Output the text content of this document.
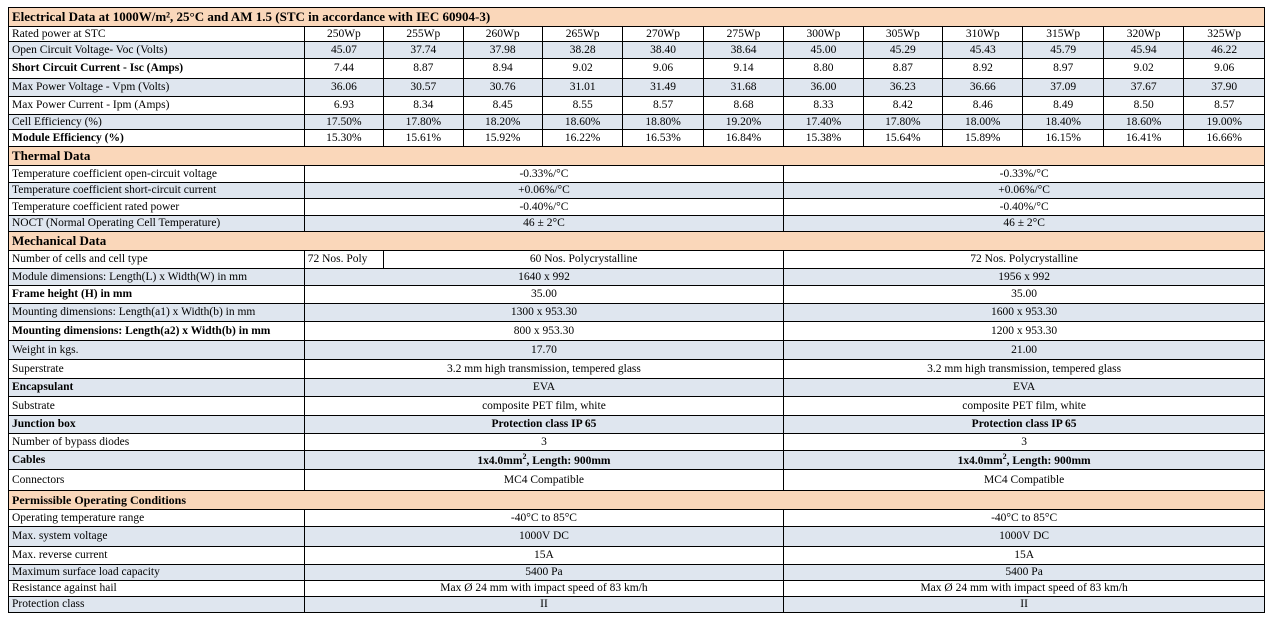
Electrical Data at 1000W/m², 25°C and AM 1.5 (STC in accordance with IEC 60904-3)												
Rated power at STC	250Wp	255Wp	260Wp	265Wp	270Wp	275Wp	300Wp	305Wp	310Wp	315Wp	320Wp	325Wp
Open Circuit Voltage- Voc (Volts)	45.07	37.74	37.98	38.28	38.40	38.64	45.00	45.29	45.43	45.79	45.94	46.22
Short Circuit Current - Isc (Amps)	7.44	8.87	8.94	9.02	9.06	9.14	8.80	8.87	8.92	8.97	9.02	9.06
Max Power Voltage - Vpm (Volts)	36.06	30.57	30.76	31.01	31.49	31.68	36.00	36.23	36.66	37.09	37.67	37.90
Max Power Current - Ipm (Amps)	6.93	8.34	8.45	8.55	8.57	8.68	8.33	8.42	8.46	8.49	8.50	8.57
Cell Efficiency (%)	17.50%	17.80%	18.20%	18.60%	18.80%	19.20%	17.40%	17.80%	18.00%	18.40%	18.60%	19.00%
Module Efficiency (%)	15.30%	15.61%	15.92%	16.22%	16.53%	16.84%	15.38%	15.64%	15.89%	16.15%	16.41%	16.66%
Thermal Data												
Temperature coefficient open-circuit voltage	-0.33%/°C						-0.33%/°C					
Temperature coefficient short-circuit current	+0.06%/°C						+0.06%/°C					
Temperature coefficient rated power	-0.40%/°C						-0.40%/°C					
NOCT (Normal Operating Cell Temperature)	46 ± 2°C						46 ± 2°C					
Mechanical Data												
Number of cells and cell type	72 Nos. Poly	60 Nos. Polycrystalline					72 Nos. Polycrystalline					
Module dimensions: Length(L) x Width(W) in mm	1640 x 992						1956 x 992					
Frame height (H) in mm	35.00						35.00					
Mounting dimensions: Length(a1) x Width(b) in mm	1300 x 953.30						1600 x 953.30					
Mounting dimensions: Length(a2) x Width(b) in mm	800 x 953.30						1200 x 953.30					
Weight in kgs.	17.70						21.00					
Superstrate	3.2 mm high transmission, tempered glass						3.2 mm high transmission, tempered glass					
Encapsulant	EVA						EVA					
Substrate	composite PET film, white						composite PET film, white					
Junction box	Protection class IP 65						Protection class IP 65					
Number of bypass diodes	3						3					
Cables	$1x4.0mm^2$, Length: 900mm						$1x4.0mm^2$, Length: 900mm					
Connectors	MC4 Compatible						MC4 Compatible					
Permissible Operating Conditions												
Operating temperature range	-40°C to 85°C						-40°C to 85°C					
Max. system voltage	1000V DC						1000V DC					
Max. reverse current	15A						15A					
Maximum surface load capacity	5400 Pa						5400 Pa					
Resistance against hail	Max Ø 24 mm with impact speed of 83 km/h						Max Ø 24 mm with impact speed of 83 km/h					
Protection class	II						II					
